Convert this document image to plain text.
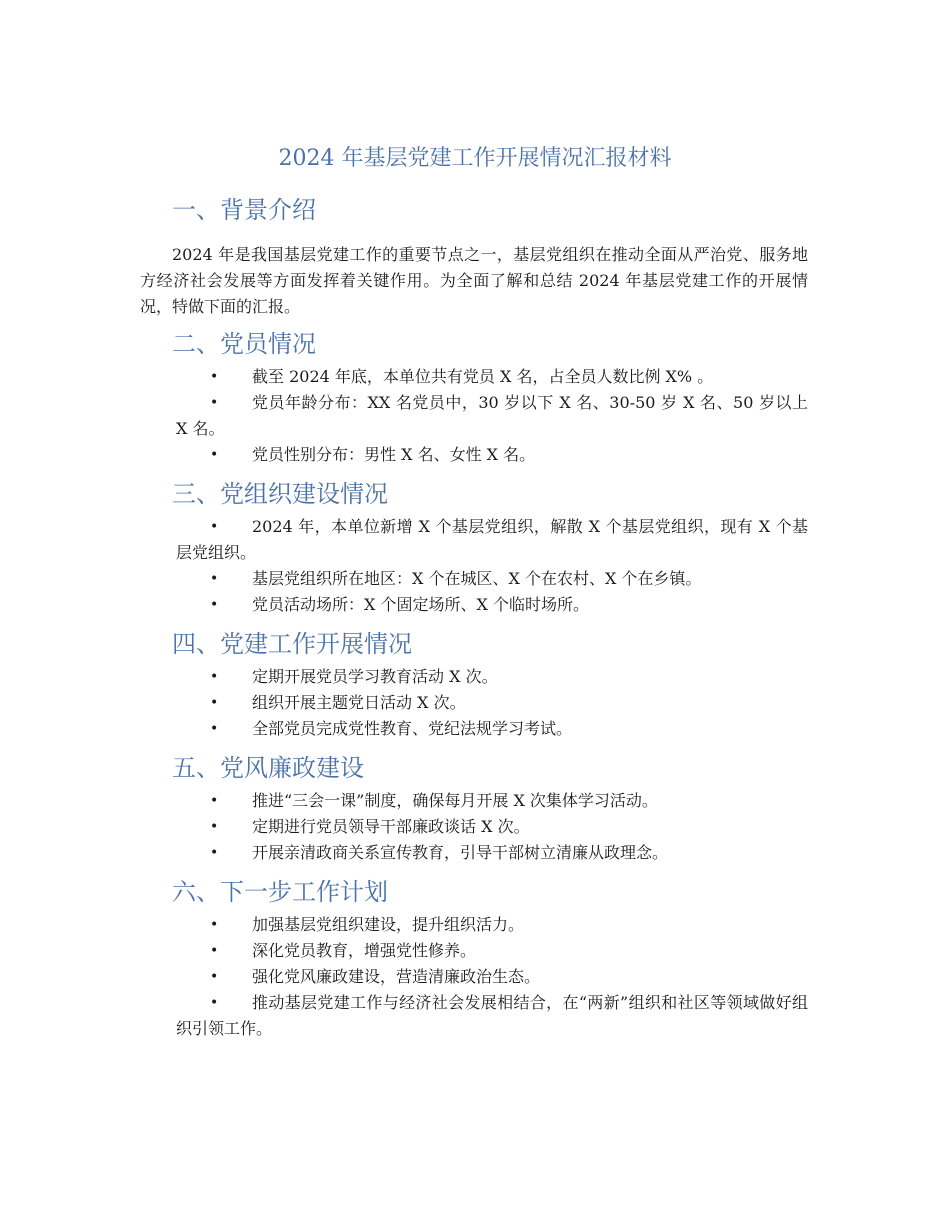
2024 年基层党建工作开展情况汇报材料
一、背景介绍

2024 年是我国基层党建工作的重要节点之一，基层党组织在推动全面从严治党、服务地方经济社会发展等方面发挥着关键作用。为全面了解和总结 2024 年基层党建工作的开展情况，特做下面的汇报。

二、党员情况
• 截至 2024 年底，本单位共有党员 X 名，占全员人数比例 X% 。
• 党员年龄分布：XX 名党员中，30 岁以下 X 名、30-50 岁 X 名、50 岁以上 X 名。
• 党员性别分布：男性 X 名、女性 X 名。
三、党组织建设情况
• 2024 年，本单位新增 X 个基层党组织，解散 X 个基层党组织，现有 X 个基层党组织。
• 基层党组织所在地区：X 个在城区、X 个在农村、X 个在乡镇。
• 党员活动场所：X 个固定场所、X 个临时场所。
四、党建工作开展情况
• 定期开展党员学习教育活动 X 次。
• 组织开展主题党日活动 X 次。
• 全部党员完成党性教育、党纪法规学习考试。
五、党风廉政建设
• 推进“三会一课”制度，确保每月开展 X 次集体学习活动。
• 定期进行党员领导干部廉政谈话 X 次。
• 开展亲清政商关系宣传教育，引导干部树立清廉从政理念。
六、下一步工作计划
• 加强基层党组织建设，提升组织活力。
• 深化党员教育，增强党性修养。
• 强化党风廉政建设，营造清廉政治生态。
• 推动基层党建工作与经济社会发展相结合，在“两新”组织和社区等领域做好组织引领工作。
